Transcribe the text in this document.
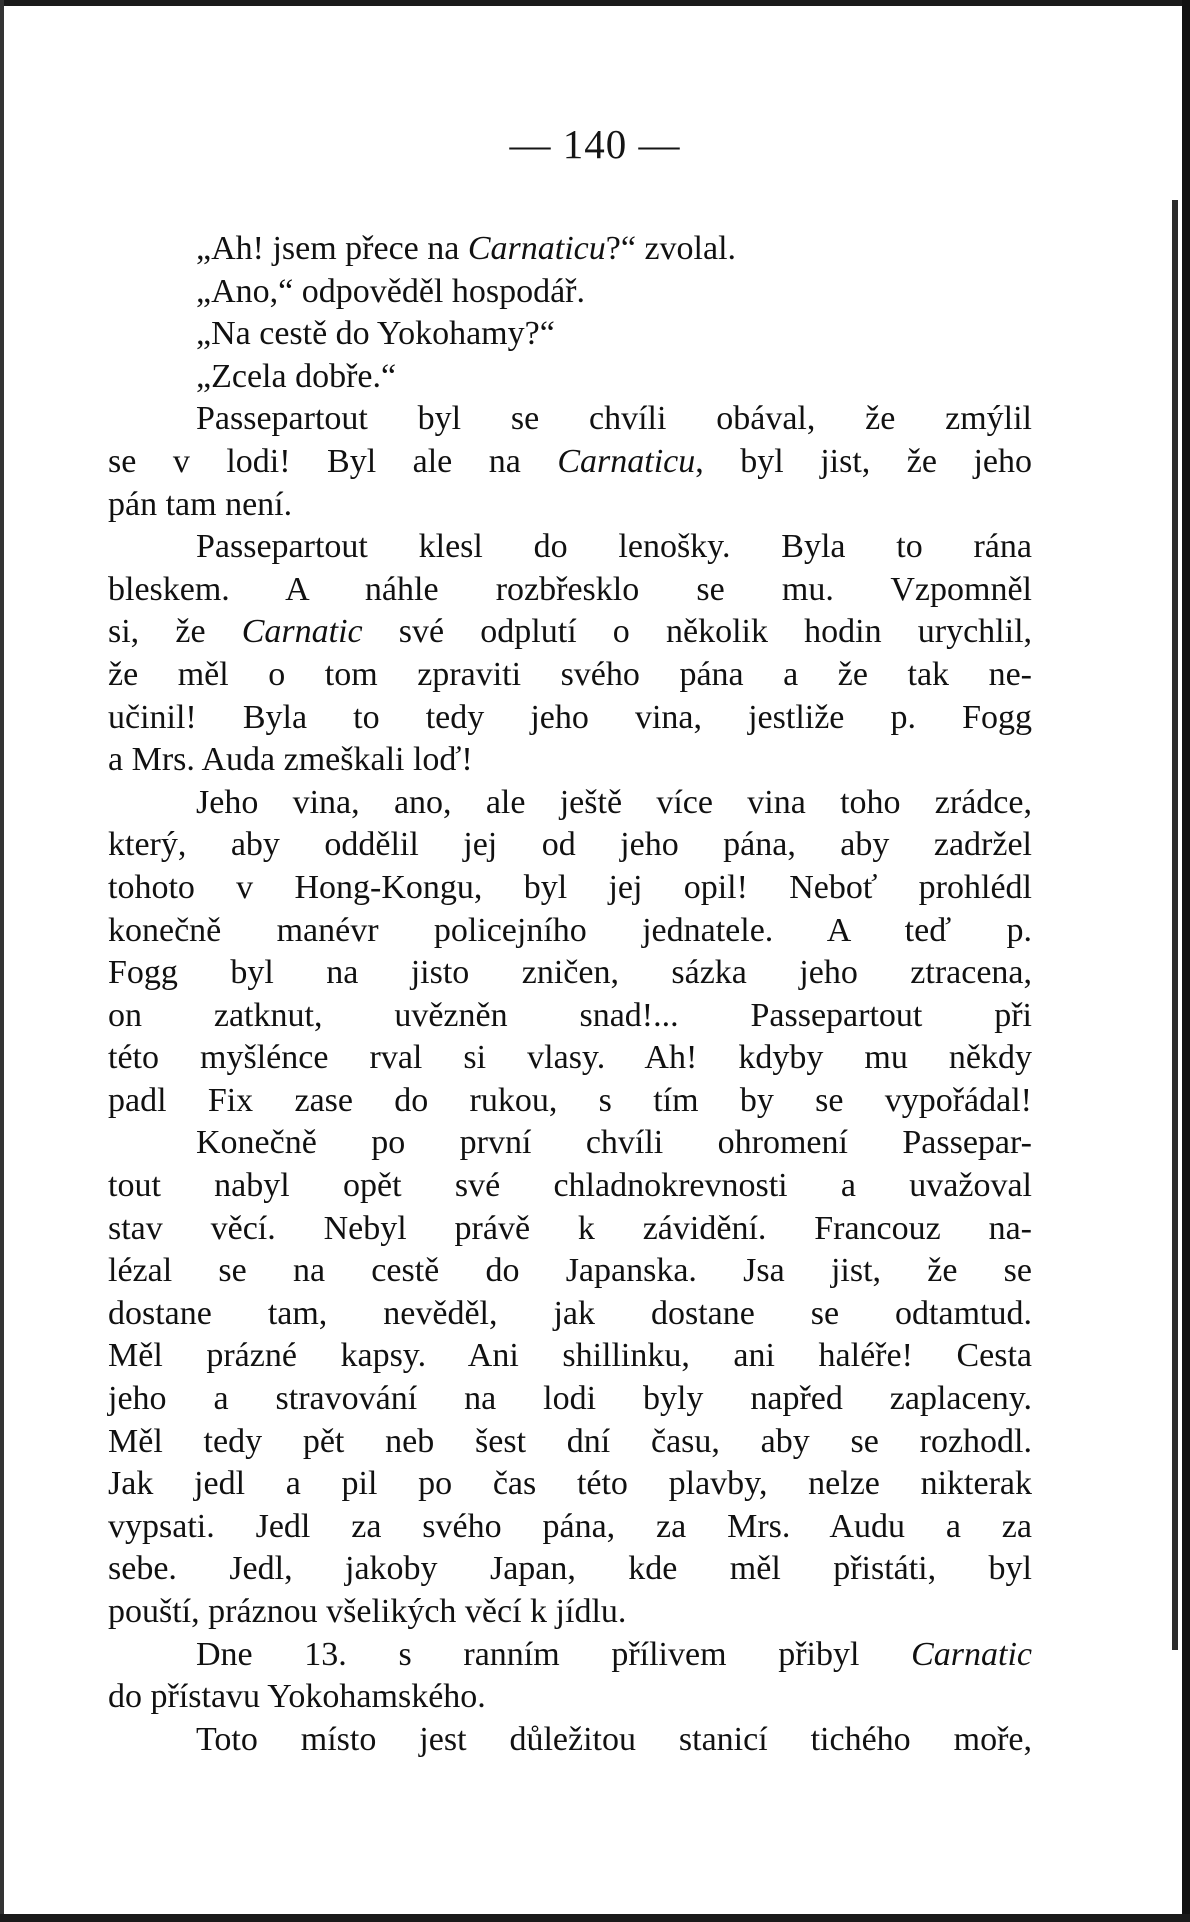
— 140 —
„Ah! jsem přece na Carnaticu?“ zvolal.
„Ano,“ odpověděl hospodář.
„Na cestě do Yokohamy?“
„Zcela dobře.“
Passepartout byl se chvíli obával, že zmýlil
se v lodi! Byl ale na Carnaticu, byl jist, že jeho
pán tam není.
Passepartout klesl do lenošky. Byla to rána
bleskem. A náhle rozbřesklo se mu. Vzpomněl
si, že Carnatic své odplutí o několik hodin urychlil,
že měl o tom zpraviti svého pána a že tak ne-
učinil! Byla to tedy jeho vina, jestliže p. Fogg
a Mrs. Auda zmeškali loď!
Jeho vina, ano, ale ještě více vina toho zrádce,
který, aby oddělil jej od jeho pána, aby zadržel
tohoto v Hong-Kongu, byl jej opil! Neboť prohlédl
konečně manévr policejního jednatele. A teď p.
Fogg byl na jisto zničen, sázka jeho ztracena,
on zatknut, uvězněn snad!... Passepartout při
této myšlénce rval si vlasy. Ah! kdyby mu někdy
padl Fix zase do rukou, s tím by se vypořádal!
Konečně po první chvíli ohromení Passepar-
tout nabyl opět své chladnokrevnosti a uvažoval
stav věcí. Nebyl právě k závidění. Francouz na-
lézal se na cestě do Japanska. Jsa jist, že se
dostane tam, nevěděl, jak dostane se odtamtud.
Měl prázné kapsy. Ani shillinku, ani haléře! Cesta
jeho a stravování na lodi byly napřed zaplaceny.
Měl tedy pět neb šest dní času, aby se rozhodl.
Jak jedl a pil po čas této plavby, nelze nikterak
vypsati. Jedl za svého pána, za Mrs. Audu a za
sebe. Jedl, jakoby Japan, kde měl přistáti, byl
pouští, práznou všelikých věcí k jídlu.
Dne 13. s ranním přílivem přibyl Carnatic
do přístavu Yokohamského.
Toto místo jest důležitou stanicí tichého moře,
